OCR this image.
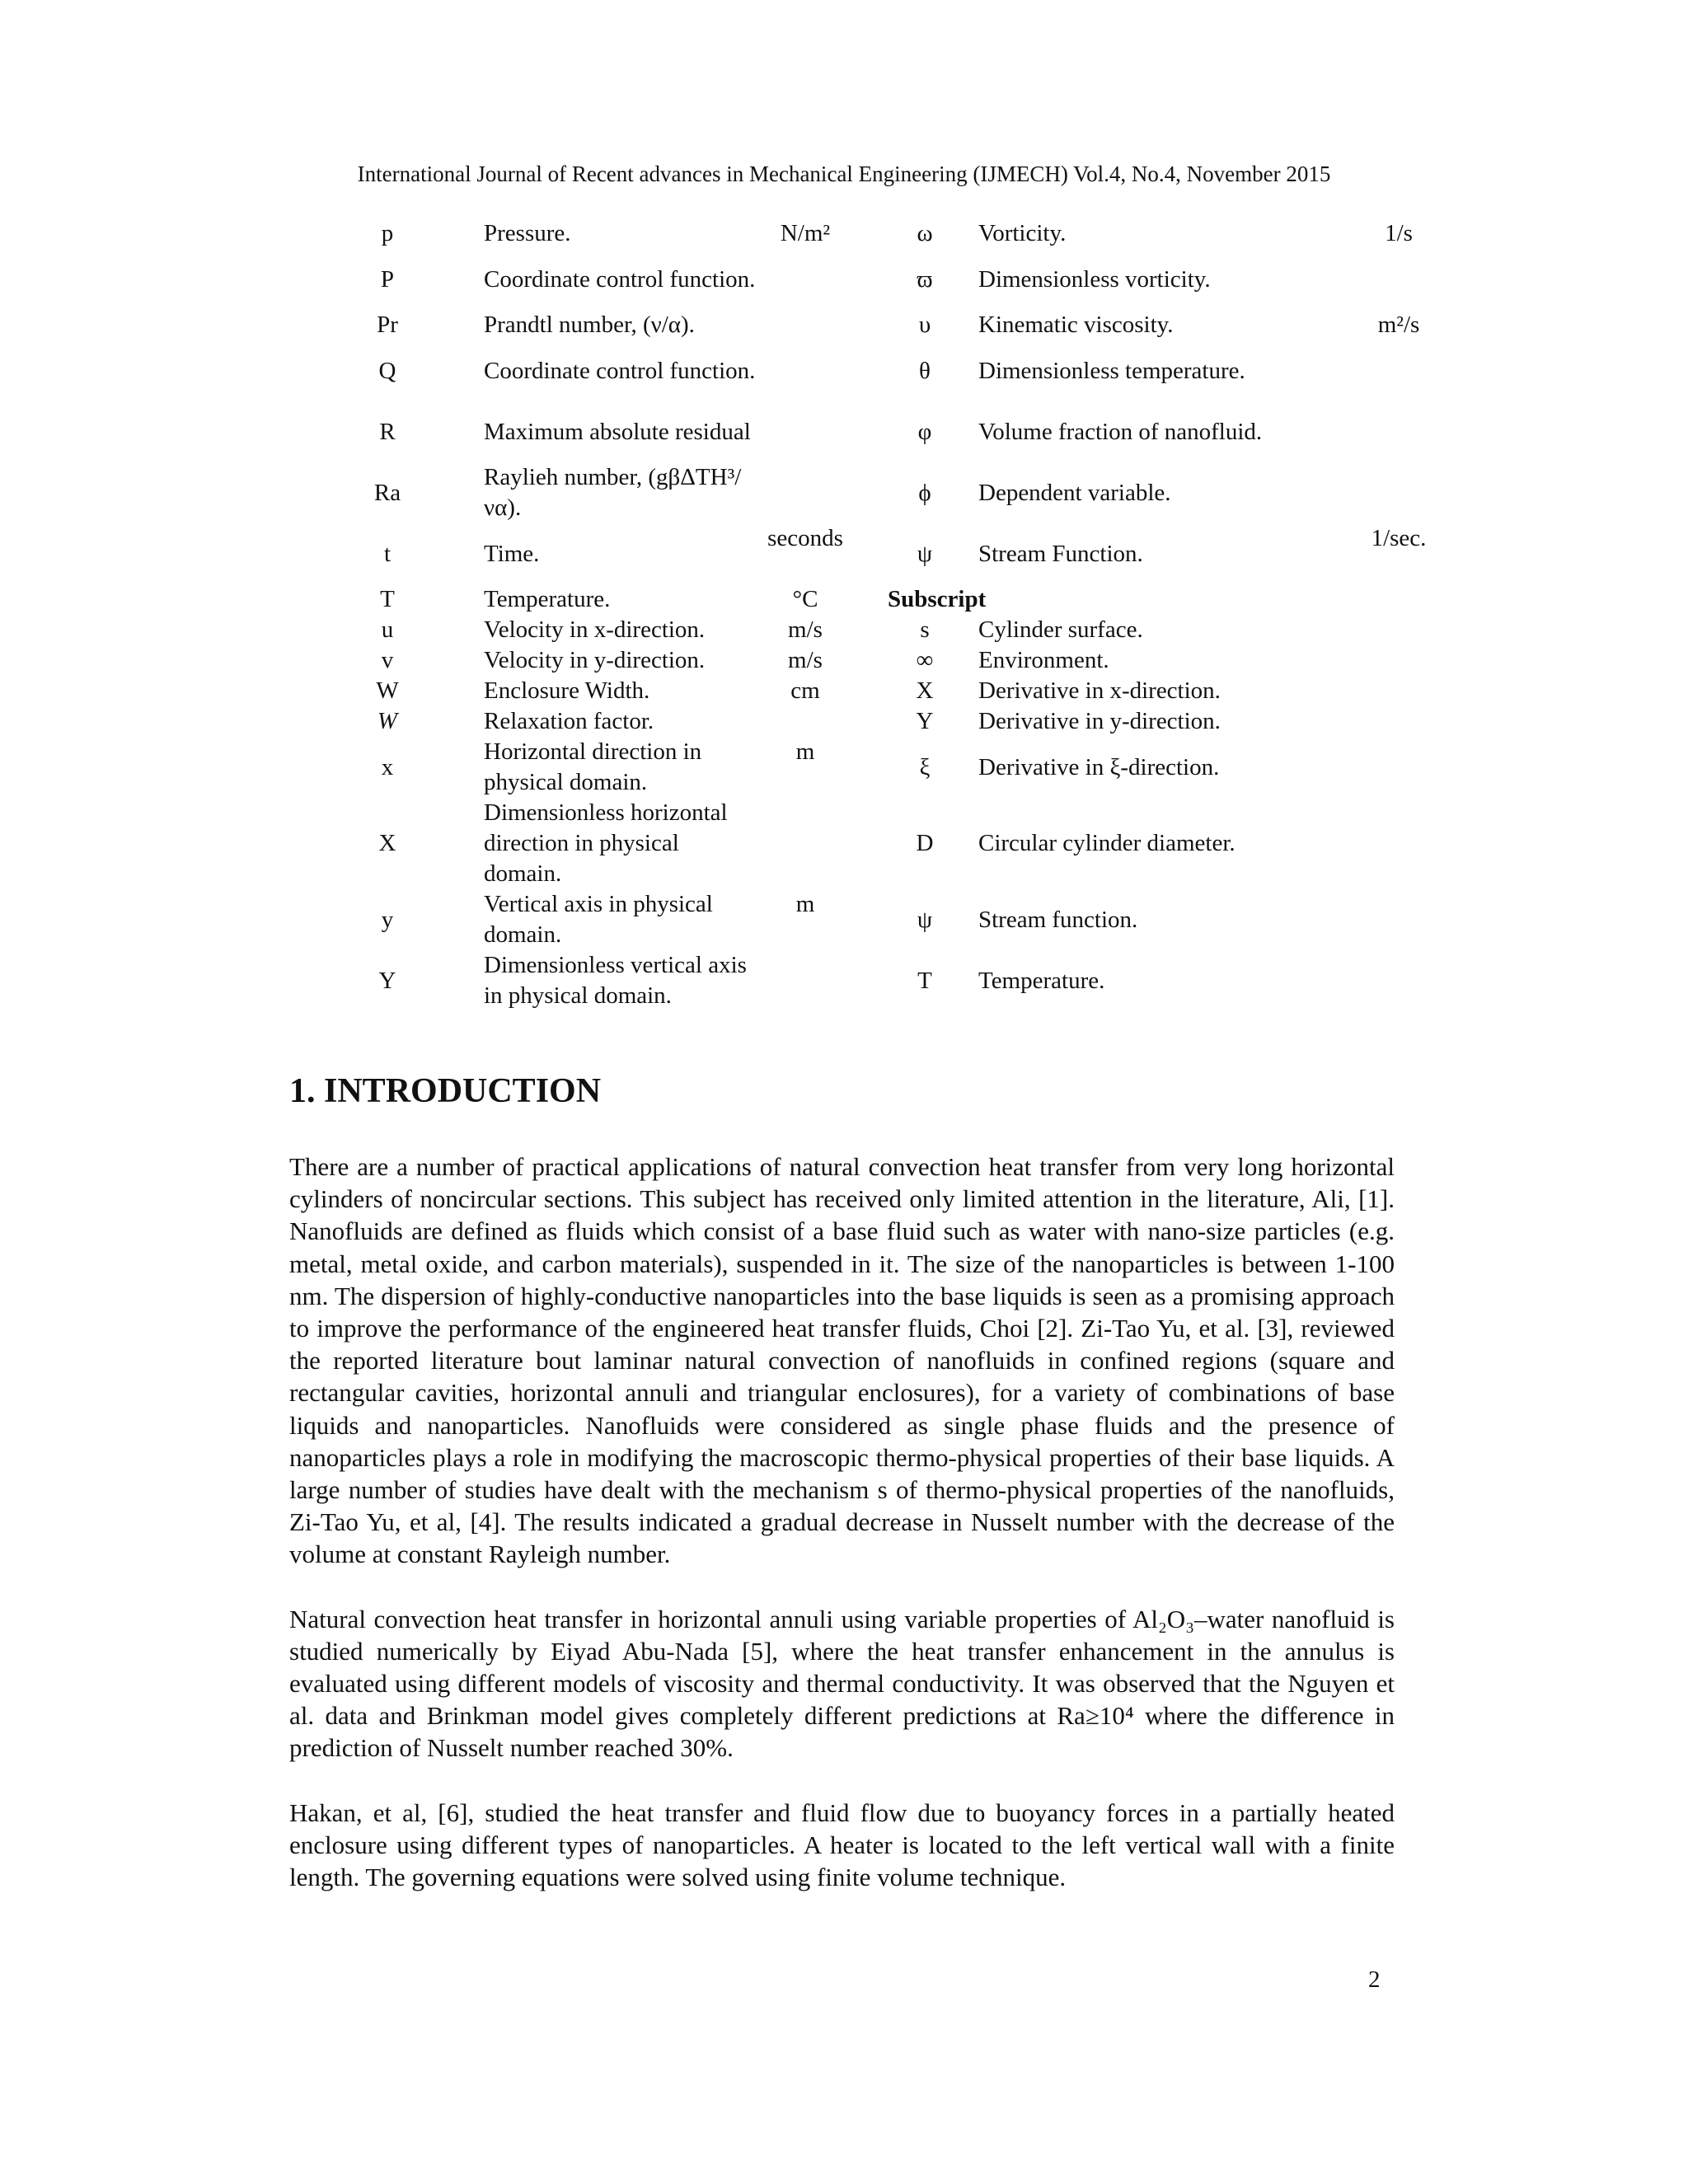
International Journal of Recent advances in Mechanical Engineering (IJMECH) Vol.4, No.4, November 2015
p	Pressure.	N/m²		ω	Vorticity.	1/s
P	Coordinate control function.			ϖ	Dimensionless vorticity.	
Pr	Prandtl number, (ν/α).			υ	Kinematic viscosity.	m²/s
Q	Coordinate control function.			θ	Dimensionless temperature.	
R	Maximum absolute residual			φ	Volume fraction of nanofluid.	
Ra	Raylieh number, (gβΔTH³/να).			ϕ	Dependent variable.	
t	Time.	seconds		ψ	Stream Function.	1/sec.
T	Temperature.	°C		Subscript		
u	Velocity in x-direction.	m/s		s	Cylinder surface.	
v	Velocity in y-direction.	m/s		∞	Environment.	
W	Enclosure Width.	cm		X	Derivative in x-direction.	
W	Relaxation factor.			Y	Derivative in y-direction.	
x	Horizontal direction in physical domain.	m		ξ	Derivative in ξ-direction.	
X	Dimensionless horizontal direction in physical domain.			D	Circular cylinder diameter.	
y	Vertical axis in physical domain.	m		ψ	Stream function.	
Y	Dimensionless vertical axis in physical domain.			T	Temperature.	
1. INTRODUCTION

There are a number of practical applications of natural convection heat transfer from very long horizontal cylinders of noncircular sections. This subject has received only limited attention in the literature, Ali, [1]. Nanofluids are defined as fluids which consist of a base fluid such as water with nano-size particles (e.g. metal, metal oxide, and carbon materials), suspended in it. The size of the nanoparticles is between 1-100 nm. The dispersion of highly-conductive nanoparticles into the base liquids is seen as a promising approach to improve the performance of the engineered heat transfer fluids, Choi [2]. Zi-Tao Yu, et al. [3], reviewed the reported literature bout laminar natural convection of nanofluids in confined regions (square and rectangular cavities, horizontal annuli and triangular enclosures), for a variety of combinations of base liquids and nanoparticles. Nanofluids were considered as single phase fluids and the presence of nanoparticles plays a role in modifying the macroscopic thermo-physical properties of their base liquids. A large number of studies have dealt with the mechanism s of thermo-physical properties of the nanofluids, Zi-Tao Yu, et al, [4]. The results indicated a gradual decrease in Nusselt number with the decrease of the volume at constant Rayleigh number.

Natural convection heat transfer in horizontal annuli using variable properties of Al₂O₃–water nanofluid is studied numerically by Eiyad Abu-Nada [5], where the heat transfer enhancement in the annulus is evaluated using different models of viscosity and thermal conductivity. It was observed that the Nguyen et al. data and Brinkman model gives completely different predictions at Ra≥10⁴ where the difference in prediction of Nusselt number reached 30%.

Hakan, et al, [6], studied the heat transfer and fluid flow due to buoyancy forces in a partially heated enclosure using different types of nanoparticles. A heater is located to the left vertical wall with a finite length. The governing equations were solved using finite volume technique.

2
